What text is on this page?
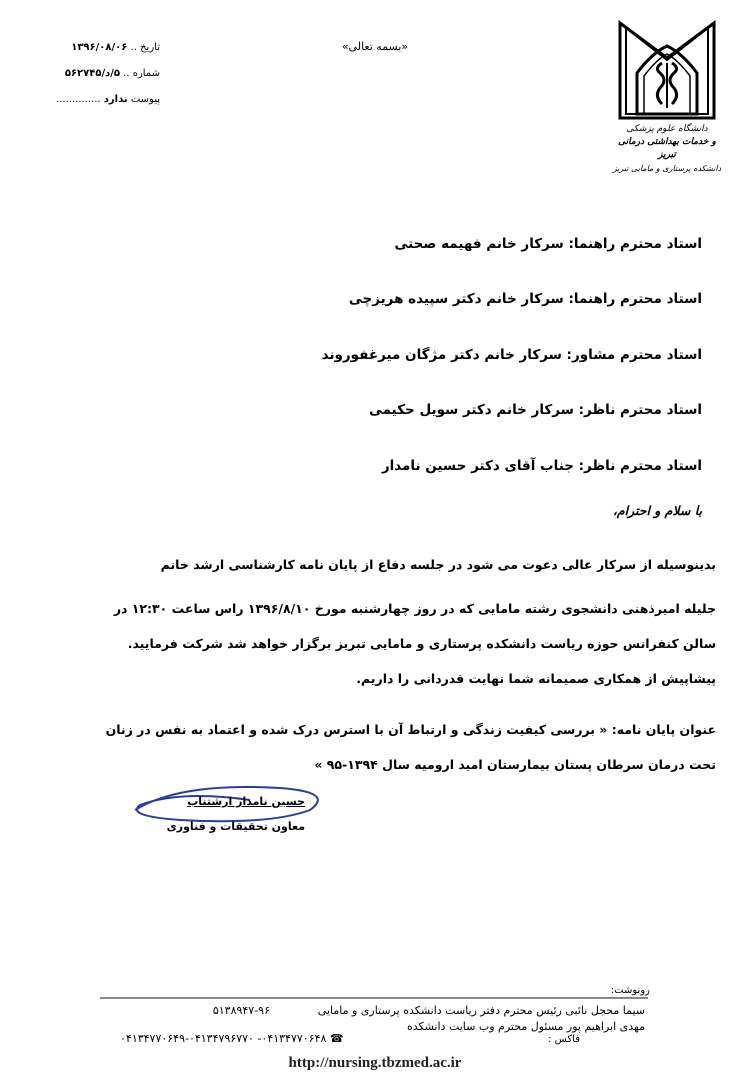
دانشگاه علوم پزشکی
و خدمات بهداشتی درمانی تبریز
دانشکده پرستاری و مامایی تبریز
«بسمه تعالی»
تاریخ .. ۱۳۹۶/۰۸/۰۶
شماره .. ۵/د/۵۶۲۷۴۵
پیوست ندارد ..............
استاد محترم راهنما: سرکار خانم فهیمه صحتی
استاد محترم راهنما: سرکار خانم دکتر سپیده هریزچی
استاد محترم مشاور: سرکار خانم دکتر مژگان میرغفوروند
استاد محترم ناظر: سرکار خانم دکتر سویل حکیمی
استاد محترم ناظر: جناب آقای دکتر حسین نامدار
با سلام و احترام،
بدینوسیله از سرکار عالی دعوت می شود در جلسه دفاع از پایان نامه کارشناسی ارشد خانم
جلیله امیرذهنی دانشجوی رشته مامایی که در روز چهارشنبه مورخ ۱۳۹۶/۸/۱۰ راس ساعت ۱۲:۳۰ در
سالن کنفرانس حوزه ریاست دانشکده پرستاری و مامایی تبریز برگزار خواهد شد شرکت فرمایید.
پیشاپیش از همکاری صمیمانه شما نهایت قدردانی را داریم.
عنوان پایان نامه: « بررسی کیفیت زندگی و ارتباط آن با استرس درک شده و اعتماد به نفس در زنان
تحت درمان سرطان پستان بیمارستان امید ارومیه سال ۱۳۹۴-۹۵ »
حسین نامدار ارشتناب
معاون تحقیقات و فناوری
رونوشت:
سیما محجل نائبی رئیس محترم دفتر ریاست دانشکده پرستاری و مامایی
۵۱۳۸۹۴۷-۹۶
مهدی ابراهیم پور مسئول محترم وب سایت دانشکده
فاکس :
☎ ۰۴۱۳۴۷۷۰۶۴۸- ۰۴۱۳۴۷۷۰۶۴۹-۰۴۱۳۴۷۹۶۷۷۰
http://nursing.tbzmed.ac.ir
